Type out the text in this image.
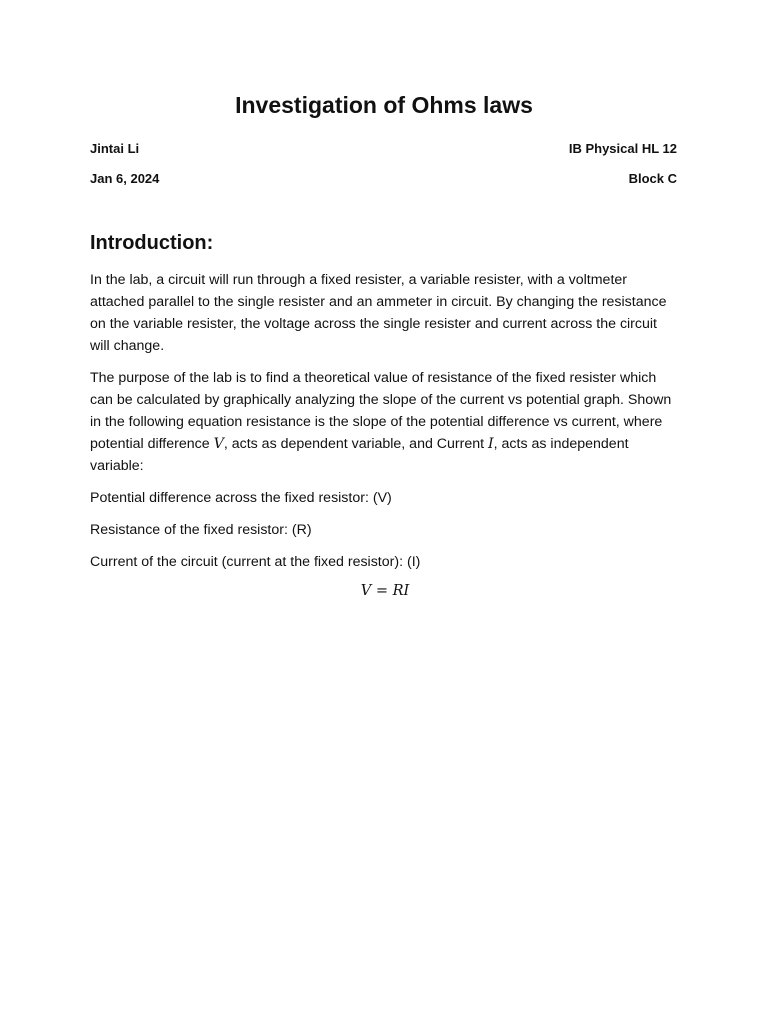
Investigation of Ohms laws
Jintai Li	IB Physical HL 12
Jan 6, 2024	Block C
Introduction:

In the lab, a circuit will run through a fixed resister, a variable resister, with a voltmeter attached parallel to the single resister and an ammeter in circuit. By changing the resistance on the variable resister, the voltage across the single resister and current across the circuit will change.

The purpose of the lab is to find a theoretical value of resistance of the fixed resister which can be calculated by graphically analyzing the slope of the current vs potential graph. Shown in the following equation resistance is the slope of the potential difference vs current, where potential difference V, acts as dependent variable, and Current I, acts as independent variable:

Potential difference across the fixed resistor: (V)

Resistance of the fixed resistor: (R)

Current of the circuit (current at the fixed resistor): (I)

V = RI
